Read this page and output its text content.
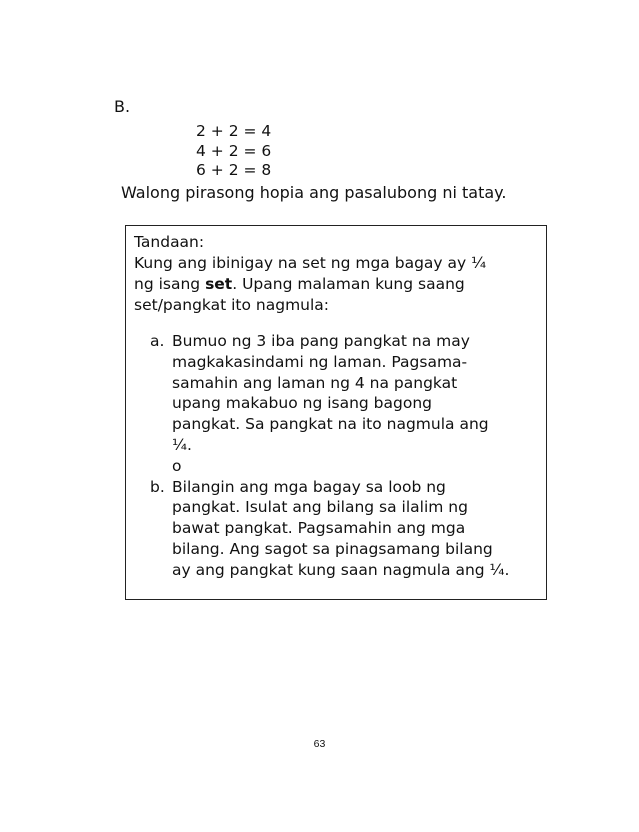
B.
2 + 2 = 4
4 + 2 = 6
6 + 2 = 8
Walong pirasong hopia ang pasalubong ni tatay.
Tandaan:

Kung ang ibinigay na set ng mga bagay ay ¼

ng isang set. Upang malaman kung saang

set/pangkat ito nagmula:

a. Bumuo ng 3 iba pang pangkat na may
magkakasindami ng laman. Pagsama-
samahin ang laman ng 4 na pangkat
upang makabuo ng isang bagong
pangkat. Sa pangkat na ito nagmula ang
¼.
o
b. Bilangin ang mga bagay sa loob ng
pangkat. Isulat ang bilang sa ilalim ng
bawat pangkat. Pagsamahin ang mga
bilang. Ang sagot sa pinagsamang bilang
ay ang pangkat kung saan nagmula ang ¼.
63
